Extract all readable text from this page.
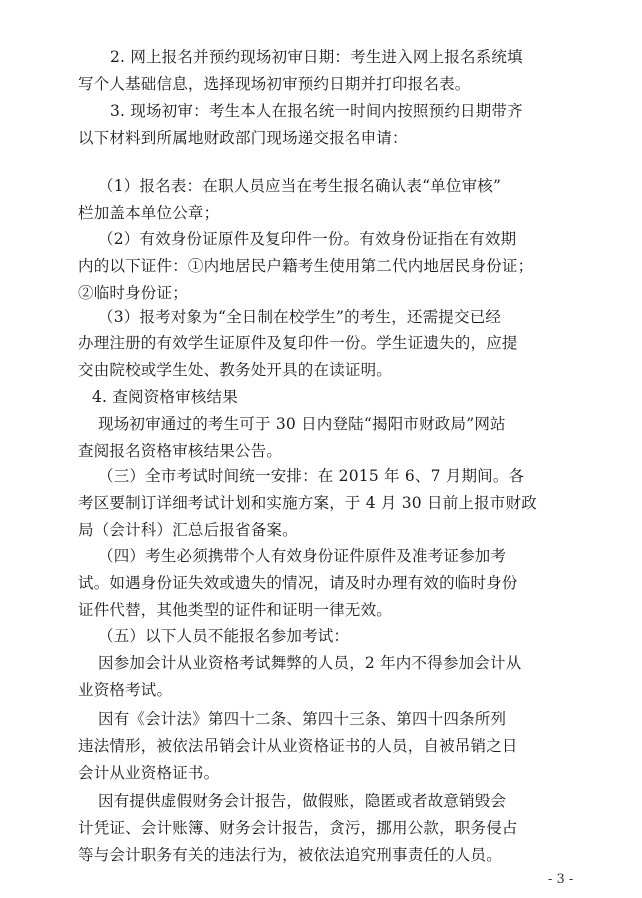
2. 网上报名并预约现场初审日期：考生进入网上报名系统填

写个人基础信息，选择现场初审预约日期并打印报名表。

3. 现场初审：考生本人在报名统一时间内按照预约日期带齐

以下材料到所属地财政部门现场递交报名申请：

（1）报名表：在职人员应当在考生报名确认表“单位审核”

栏加盖本单位公章；

（2）有效身份证原件及复印件一份。有效身份证指在有效期

内的以下证件：①内地居民户籍考生使用第二代内地居民身份证；

②临时身份证；

（3）报考对象为“全日制在校学生”的考生，还需提交已经

办理注册的有效学生证原件及复印件一份。学生证遗失的，应提

交由院校或学生处、教务处开具的在读证明。

4. 查阅资格审核结果

现场初审通过的考生可于 30 日内登陆“揭阳市财政局”网站

查阅报名资格审核结果公告。

（三）全市考试时间统一安排：在 2015 年 6、7 月期间。各

考区要制订详细考试计划和实施方案，于 4 月 30 日前上报市财政

局（会计科）汇总后报省备案。

（四）考生必须携带个人有效身份证件原件及准考证参加考

试。如遇身份证失效或遗失的情况，请及时办理有效的临时身份

证件代替，其他类型的证件和证明一律无效。

（五）以下人员不能报名参加考试：

因参加会计从业资格考试舞弊的人员，2 年内不得参加会计从

业资格考试。

因有《会计法》第四十二条、第四十三条、第四十四条所列

违法情形，被依法吊销会计从业资格证书的人员，自被吊销之日

会计从业资格证书。

因有提供虚假财务会计报告，做假账，隐匿或者故意销毁会

计凭证、会计账簿、财务会计报告，贪污，挪用公款，职务侵占

等与会计职务有关的违法行为，被依法追究刑事责任的人员。

- 3 -
